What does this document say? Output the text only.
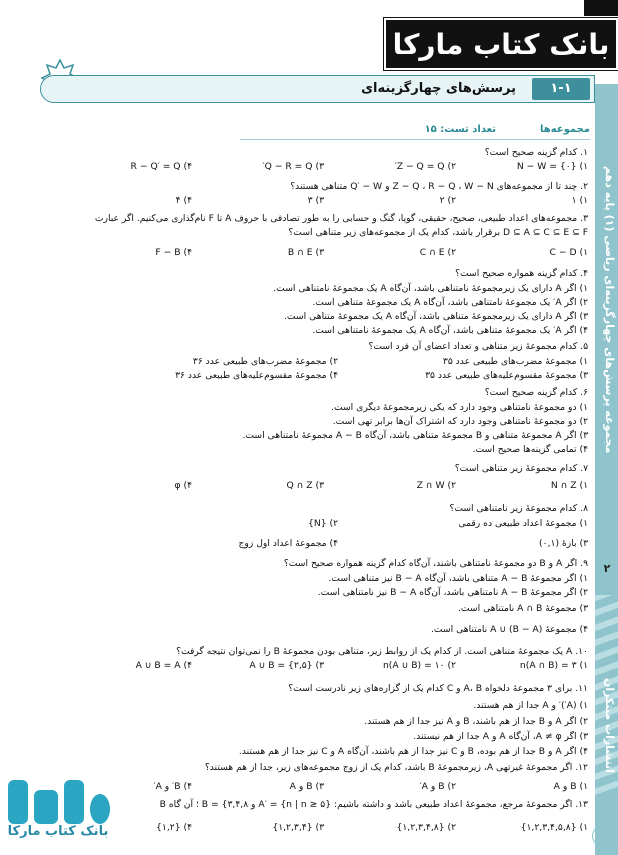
بانک کتاب مارکا
مجموعه پرسش‌های چهارگزینه‌ای ریاضی (۱) پایه دهم
انتشارات مبتکران
۲
۱-۱
پرسش‌های چهارگزینه‌ای
مجموعه‌ها
تعداد تست: ۱۵
۱. کدام گزینه صحیح است؟
۱) N − W = {۰}
۲) Z − Q = Q′
۳) Q − R = Q′
۴) R − Q′ = Q
۲. چند تا از مجموعه‌های Z − Q ، R − Q ، W − N و Q′ − W متناهی هستند؟
۱) ۱
۲) ۲
۳) ۳
۴) ۴
۳. مجموعه‌های اعداد طبیعی، صحیح، حقیقی، گویا، گنگ و حسابی را به طور تصادفی با حروف A تا F نام‌گذاری می‌کنیم. اگر عبارت
D ⊆ A ⊆ C ⊆ E ⊆ F برقرار باشد، کدام یک از مجموعه‌های زیر متناهی است؟
۱) C − D
۲) C ∩ E
۳) B ∩ E
۴) F − B
۴. کدام گزینه همواره صحیح است؟
۱) اگر A دارای یک زیرمجموعهٔ نامتناهی باشد، آن‌گاه A یک مجموعهٔ نامتناهی است.
۲) اگر A′ یک مجموعهٔ نامتناهی باشد، آن‌گاه A یک مجموعهٔ متناهی است.
۳) اگر A دارای یک زیرمجموعهٔ متناهی باشد، آن‌گاه A یک مجموعهٔ متناهی است.
۴) اگر A′ یک مجموعهٔ متناهی باشد، آن‌گاه A یک مجموعهٔ نامتناهی است.
۵. کدام مجموعهٔ زیر متناهی و تعداد اعضای آن فرد است؟
۱) مجموعهٔ مضرب‌های طبیعی عدد ۳۵
۲) مجموعهٔ مضرب‌های طبیعی عدد ۳۶
۳) مجموعهٔ مقسوم‌علیه‌های طبیعی عدد ۳۵
۴) مجموعهٔ مقسوم‌علیه‌های طبیعی عدد ۳۶
۶. کدام گزینه صحیح است؟
۱) دو مجموعهٔ نامتناهی وجود دارد که یکی زیرمجموعهٔ دیگری است.
۲) دو مجموعهٔ نامتناهی وجود دارد که اشتراک آن‌ها برابر تهی است.
۳) اگر A مجموعهٔ متناهی و B مجموعهٔ متناهی باشد، آن‌گاه A − B مجموعهٔ نامتناهی است.
۴) تمامی گزینه‌ها صحیح است.
۷. کدام مجموعهٔ زیر متناهی است؟
۱) N ∩ Z
۲) Z ∩ W
۳) Q ∩ Z
۴) φ
۸. کدام مجموعهٔ زیر نامتناهی است؟
۱) مجموعهٔ اعداد طبیعی ده رقمی
۲) {N}
۳) بازهٔ (۰,۱)
۴) مجموعهٔ اعداد اول زوج
۹. اگر A و B دو مجموعهٔ نامتناهی باشند، آن‌گاه کدام گزینه همواره صحیح است؟
۱) اگر مجموعهٔ A − B متناهی باشد، آن‌گاه B − A نیز متناهی است.
۲) اگر مجموعهٔ A − B نامتناهی باشد، آن‌گاه B − A نیز نامتناهی است.
۳) مجموعهٔ A ∩ B نامتناهی است.
۴) مجموعهٔ A ∪ (B − A) نامتناهی است.
۱۰. A یک مجموعهٔ متناهی است. از کدام یک از روابط زیر، متناهی بودن مجموعهٔ B را نمی‌توان نتیجه گرفت؟
۱) n(A ∩ B) = ۳
۲) n(A ∪ B) = ۱۰
۳) A ∪ B = {۲,۵}
۴) A ∪ B = A
۱۱. برای ۳ مجموعهٔ دلخواه A، B و C کدام یک از گزاره‌های زیر نادرست است؟
۱) (A′)′ و A جدا از هم هستند.
۲) اگر A و B جدا از هم باشند، B و A نیز جدا از هم هستند.
۳) اگر A ≠ φ، آن‌گاه A و A جدا از هم نیستند.
۴) اگر A و B جدا از هم بوده، B و C نیز جدا از هم باشند، آن‌گاه A و C نیز جدا از هم هستند.
۱۲. اگر مجموعهٔ غیرتهی A، زیرمجموعهٔ B باشد، کدام یک از زوج مجموعه‌های زیر، جدا از هم هستند؟
۱) B و A
۲) B و A′
۳) B و A
۴) B′ و A′
۱۳. اگر مجموعهٔ مرجع، مجموعهٔ اعداد طبیعی باشد و داشته باشیم: {A′ = {n | n ≥ ۵ و B = {۳,۴,۸ ؛ آن گاه B
۱) {۱,۲,۳,۴,۵,۸}
۲) {۱,۲,۳,۴,۸}
۳) {۱,۲,۳,۴}
۴) {۱,۲}
بانک کتاب مارکا
